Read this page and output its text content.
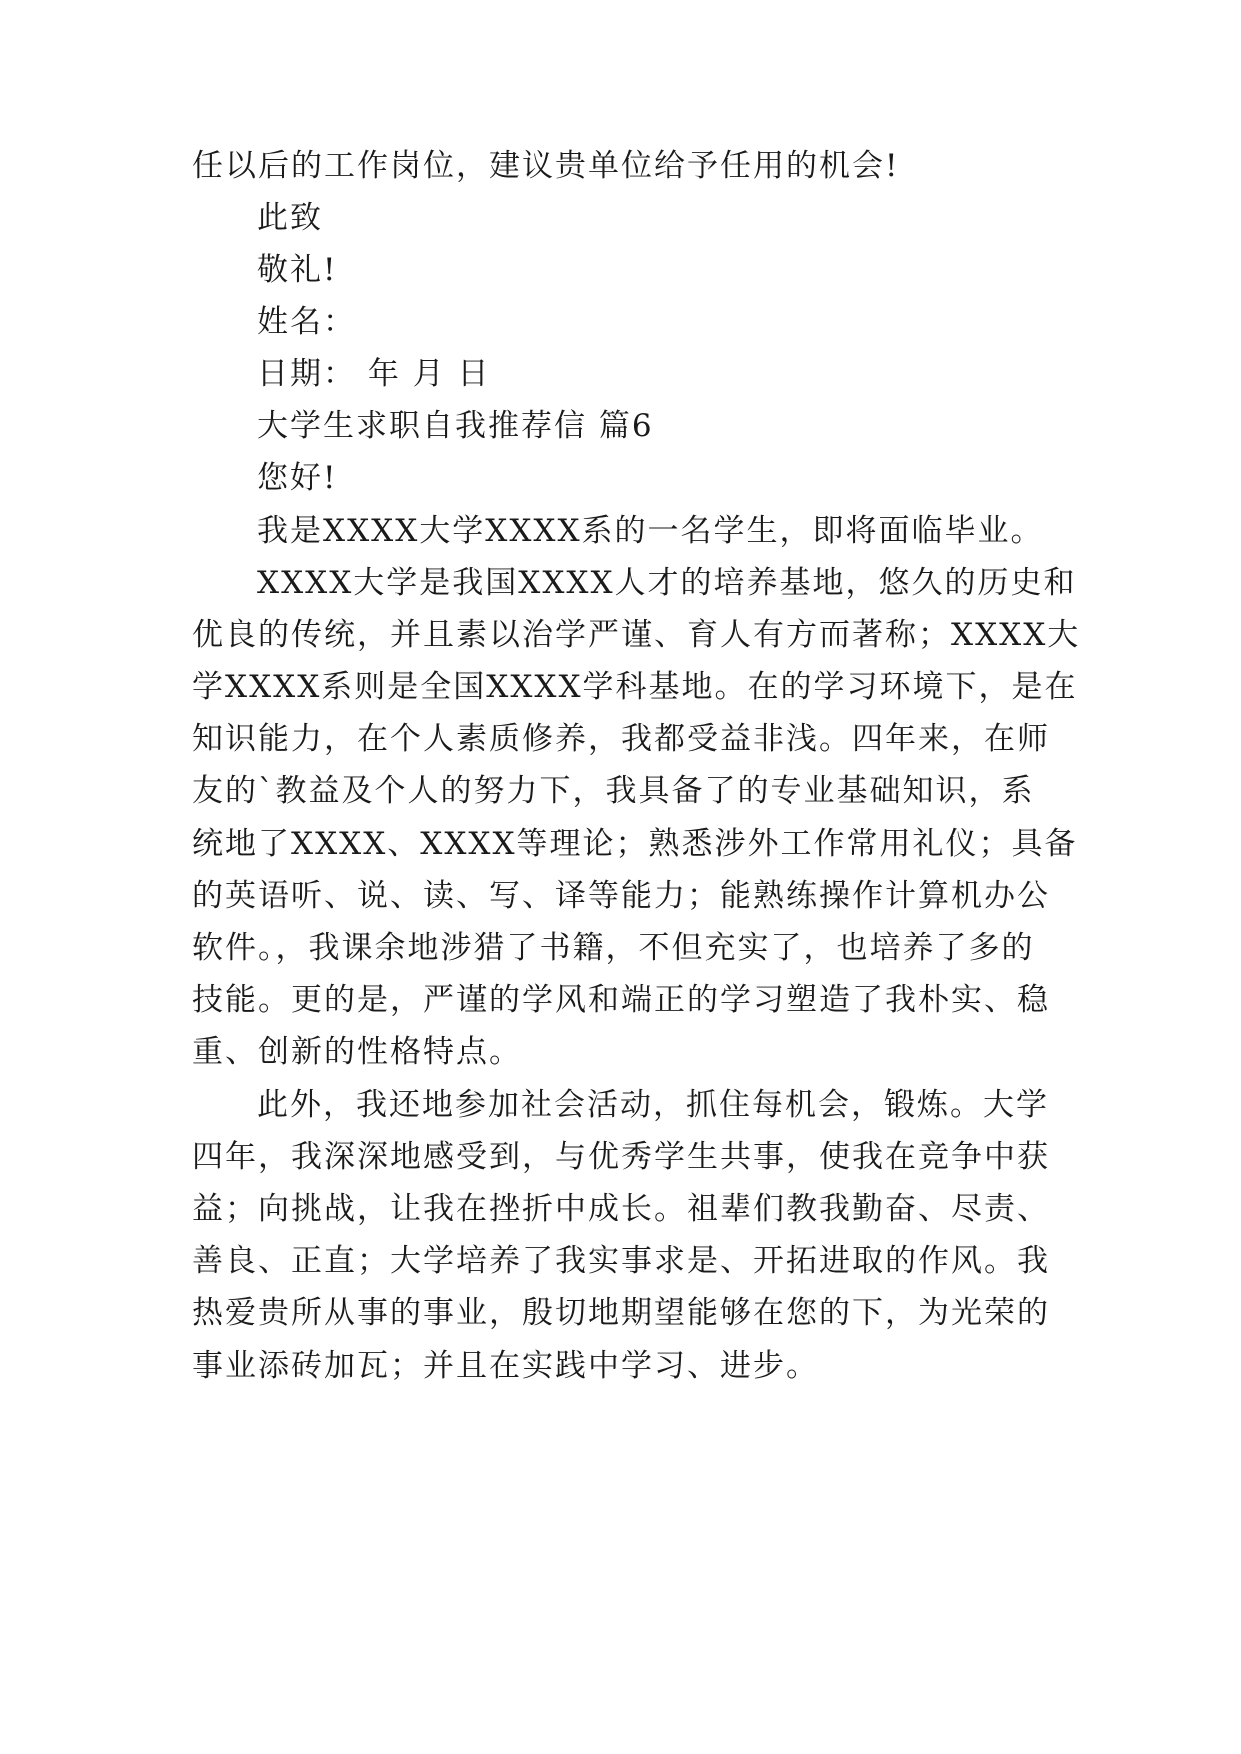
任以后的工作岗位，建议贵单位给予任用的机会!

此致

敬礼!

姓名：

日期： 年 月 日

大学生求职自我推荐信 篇6

您好!

我是XXXX大学XXXX系的一名学生，即将面临毕业。

XXXX大学是我国XXXX人才的培养基地，悠久的历史和

优良的传统，并且素以治学严谨、育人有方而著称；XXXX大

学XXXX系则是全国XXXX学科基地。在的学习环境下，是在

知识能力，在个人素质修养，我都受益非浅。四年来，在师

友的`教益及个人的努力下，我具备了的专业基础知识，系

统地了XXXX、XXXX等理论；熟悉涉外工作常用礼仪；具备

的英语听、说、读、写、译等能力；能熟练操作计算机办公

软件。，我课余地涉猎了书籍，不但充实了，也培养了多的

技能。更的是，严谨的学风和端正的学习塑造了我朴实、稳

重、创新的性格特点。

此外，我还地参加社会活动，抓住每机会，锻炼。大学

四年，我深深地感受到，与优秀学生共事，使我在竞争中获

益；向挑战，让我在挫折中成长。祖辈们教我勤奋、尽责、

善良、正直；大学培养了我实事求是、开拓进取的作风。我

热爱贵所从事的事业，殷切地期望能够在您的下，为光荣的

事业添砖加瓦；并且在实践中学习、进步。
